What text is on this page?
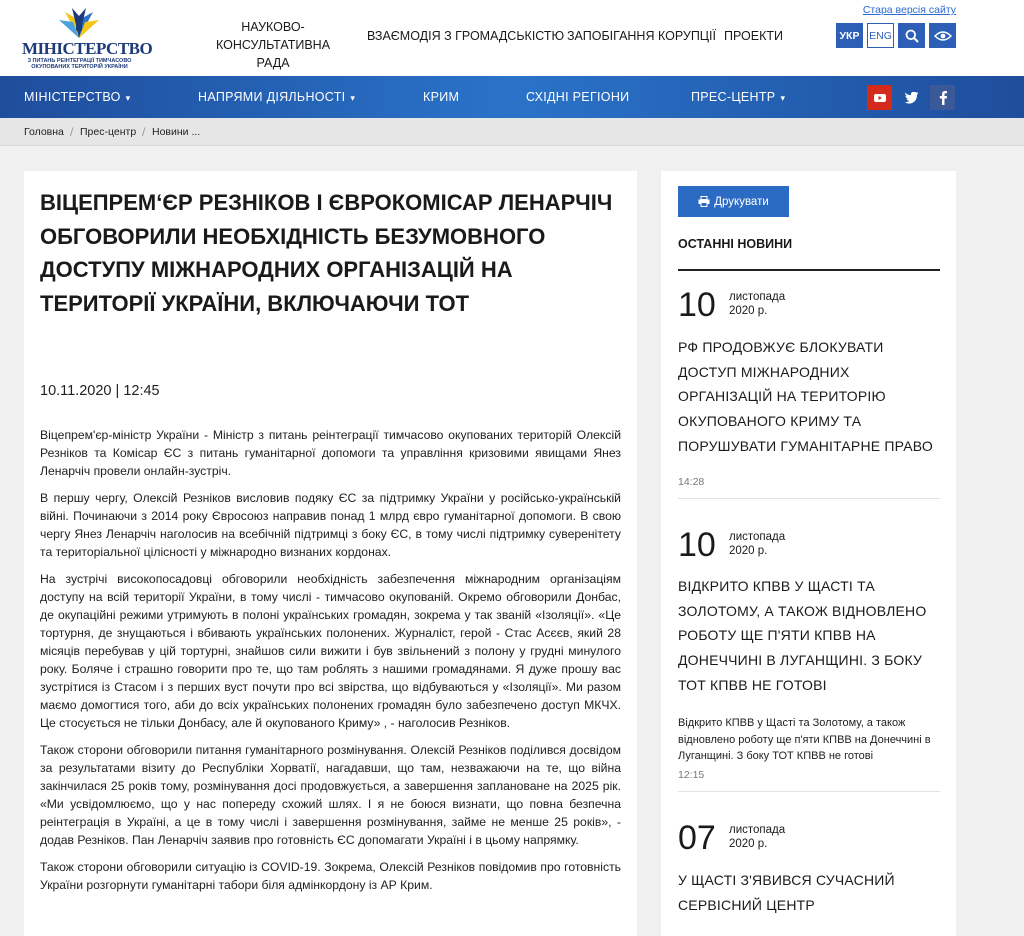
МІНІСТЕРСТВО
З ПИТАНЬ РЕІНТЕГРАЦІЇ ТИМЧАСОВО ОКУПОВАНИХ ТЕРИТОРІЙ УКРАЇНИ
НАУКОВО-КОНСУЛЬТАТИВНА РАДА
ВЗАЄМОДІЯ З ГРОМАДСЬКІСТЮ ЗАПОБІГАННЯ КОРУПЦІЇ ПРОЕКТИ
Стара версія сайту
УКР ENG
МІНІСТЕРСТВО ▾	НАПРЯМИ ДІЯЛЬНОСТІ ▾	КРИМ	СХІДНІ РЕГІОНИ	ПРЕС-ЦЕНТР ▾
Головна / Прес-центр / Новини ...
ВІЦЕПРЕМ‘ЄР РЕЗНІКОВ І ЄВРОКОМІСАР ЛЕНАРЧІЧ ОБГОВОРИЛИ НЕОБХІДНІСТЬ БЕЗУМОВНОГО ДОСТУПУ МІЖНАРОДНИХ ОРГАНІЗАЦІЙ НА ТЕРИТОРІЇ УКРАЇНИ, ВКЛЮЧАЮЧИ ТОТ
10.11.2020 | 12:45

Віцепрем'єр-міністр України - Міністр з питань реінтеграції тимчасово окупованих територій Олексій Резніков та Комісар ЄС з питань гуманітарної допомоги та управління кризовими явищами Янез Ленарчіч провели онлайн-зустріч.

В першу чергу, Олексій Резніков висловив подяку ЄС за підтримку України у російсько-українській війні. Починаючи з 2014 року Євросоюз направив понад 1 млрд євро гуманітарної допомоги. В свою чергу Янез Ленарчіч наголосив на всебічній підтримці з боку ЄС, в тому числі підтримку суверенітету та територіальної цілісності у міжнародно визнаних кордонах.

На зустрічі високопосадовці обговорили необхідність забезпечення міжнародним організаціям доступу на всій території України, в тому числі - тимчасово окупованій. Окремо обговорили Донбас, де окупаційні режими утримують в полоні українських громадян, зокрема у так званій «Ізоляції». «Це тортурня, де знущаються і вбивають українських полонених. Журналіст, герой - Стас Асєєв, який 28 місяців перебував у цій тортурні, знайшов сили вижити і був звільнений з полону у грудні минулого року. Боляче і страшно говорити про те, що там роблять з нашими громадянами. Я дуже прошу вас зустрітися із Стасом і з перших вуст почути про всі звірства, що відбуваються у «Ізоляції». Ми разом маємо домогтися того, аби до всіх українських полонених громадян було забезпечено доступ МКЧХ. Це стосується не тільки Донбасу, але й окупованого Криму» , - наголосив Резніков.

Також сторони обговорили питання гуманітарного розмінування. Олексій Резніков поділився досвідом за результатами візиту до Республіки Хорватії, нагадавши, що там, незважаючи на те, що війна закінчилася 25 років тому, розмінування досі продовжується, а завершення заплановане на 2025 рік. «Ми усвідомлюємо, що у нас попереду схожий шлях. І я не боюся визнати, що повна безпечна реінтеграція в Україні, а це в тому числі і завершення розмінування, займе не менше 25 років», - додав Резніков. Пан Ленарчіч заявив про готовність ЄС допомагати Україні і в цьому напрямку.

Також сторони обговорили ситуацію із COVID-19. Зокрема, Олексій Резніков повідомив про готовність України розгорнути гуманітарні табори біля адмінкордону із АР Крим.

Друкувати
ОСТАННІ НОВИНИ
10 листопада
2020 р.
РФ ПРОДОВЖУЄ БЛОКУВАТИ ДОСТУП МІЖНАРОДНИХ ОРГАНІЗАЦІЙ НА ТЕРИТОРІЮ ОКУПОВАНОГО КРИМУ ТА ПОРУШУВАТИ ГУМАНІТАРНЕ ПРАВО
14:28
10 листопада
2020 р.
ВІДКРИТО КПВВ У ЩАСТІ ТА ЗОЛОТОМУ, А ТАКОЖ ВІДНОВЛЕНО РОБОТУ ЩЕ П'ЯТИ КПВВ НА ДОНЕЧЧИНІ В ЛУГАНЩИНІ. З БОКУ ТОТ КПВВ НЕ ГОТОВІ
Відкрито КПВВ у Щасті та Золотому, а також відновлено роботу ще п'яти КПВВ на Донеччині в Луганщині. З боку ТОТ КПВВ не готові
12:15
07 листопада
2020 р.
У ЩАСТІ З'ЯВИВСЯ СУЧАСНИЙ СЕРВІСНИЙ ЦЕНТР
